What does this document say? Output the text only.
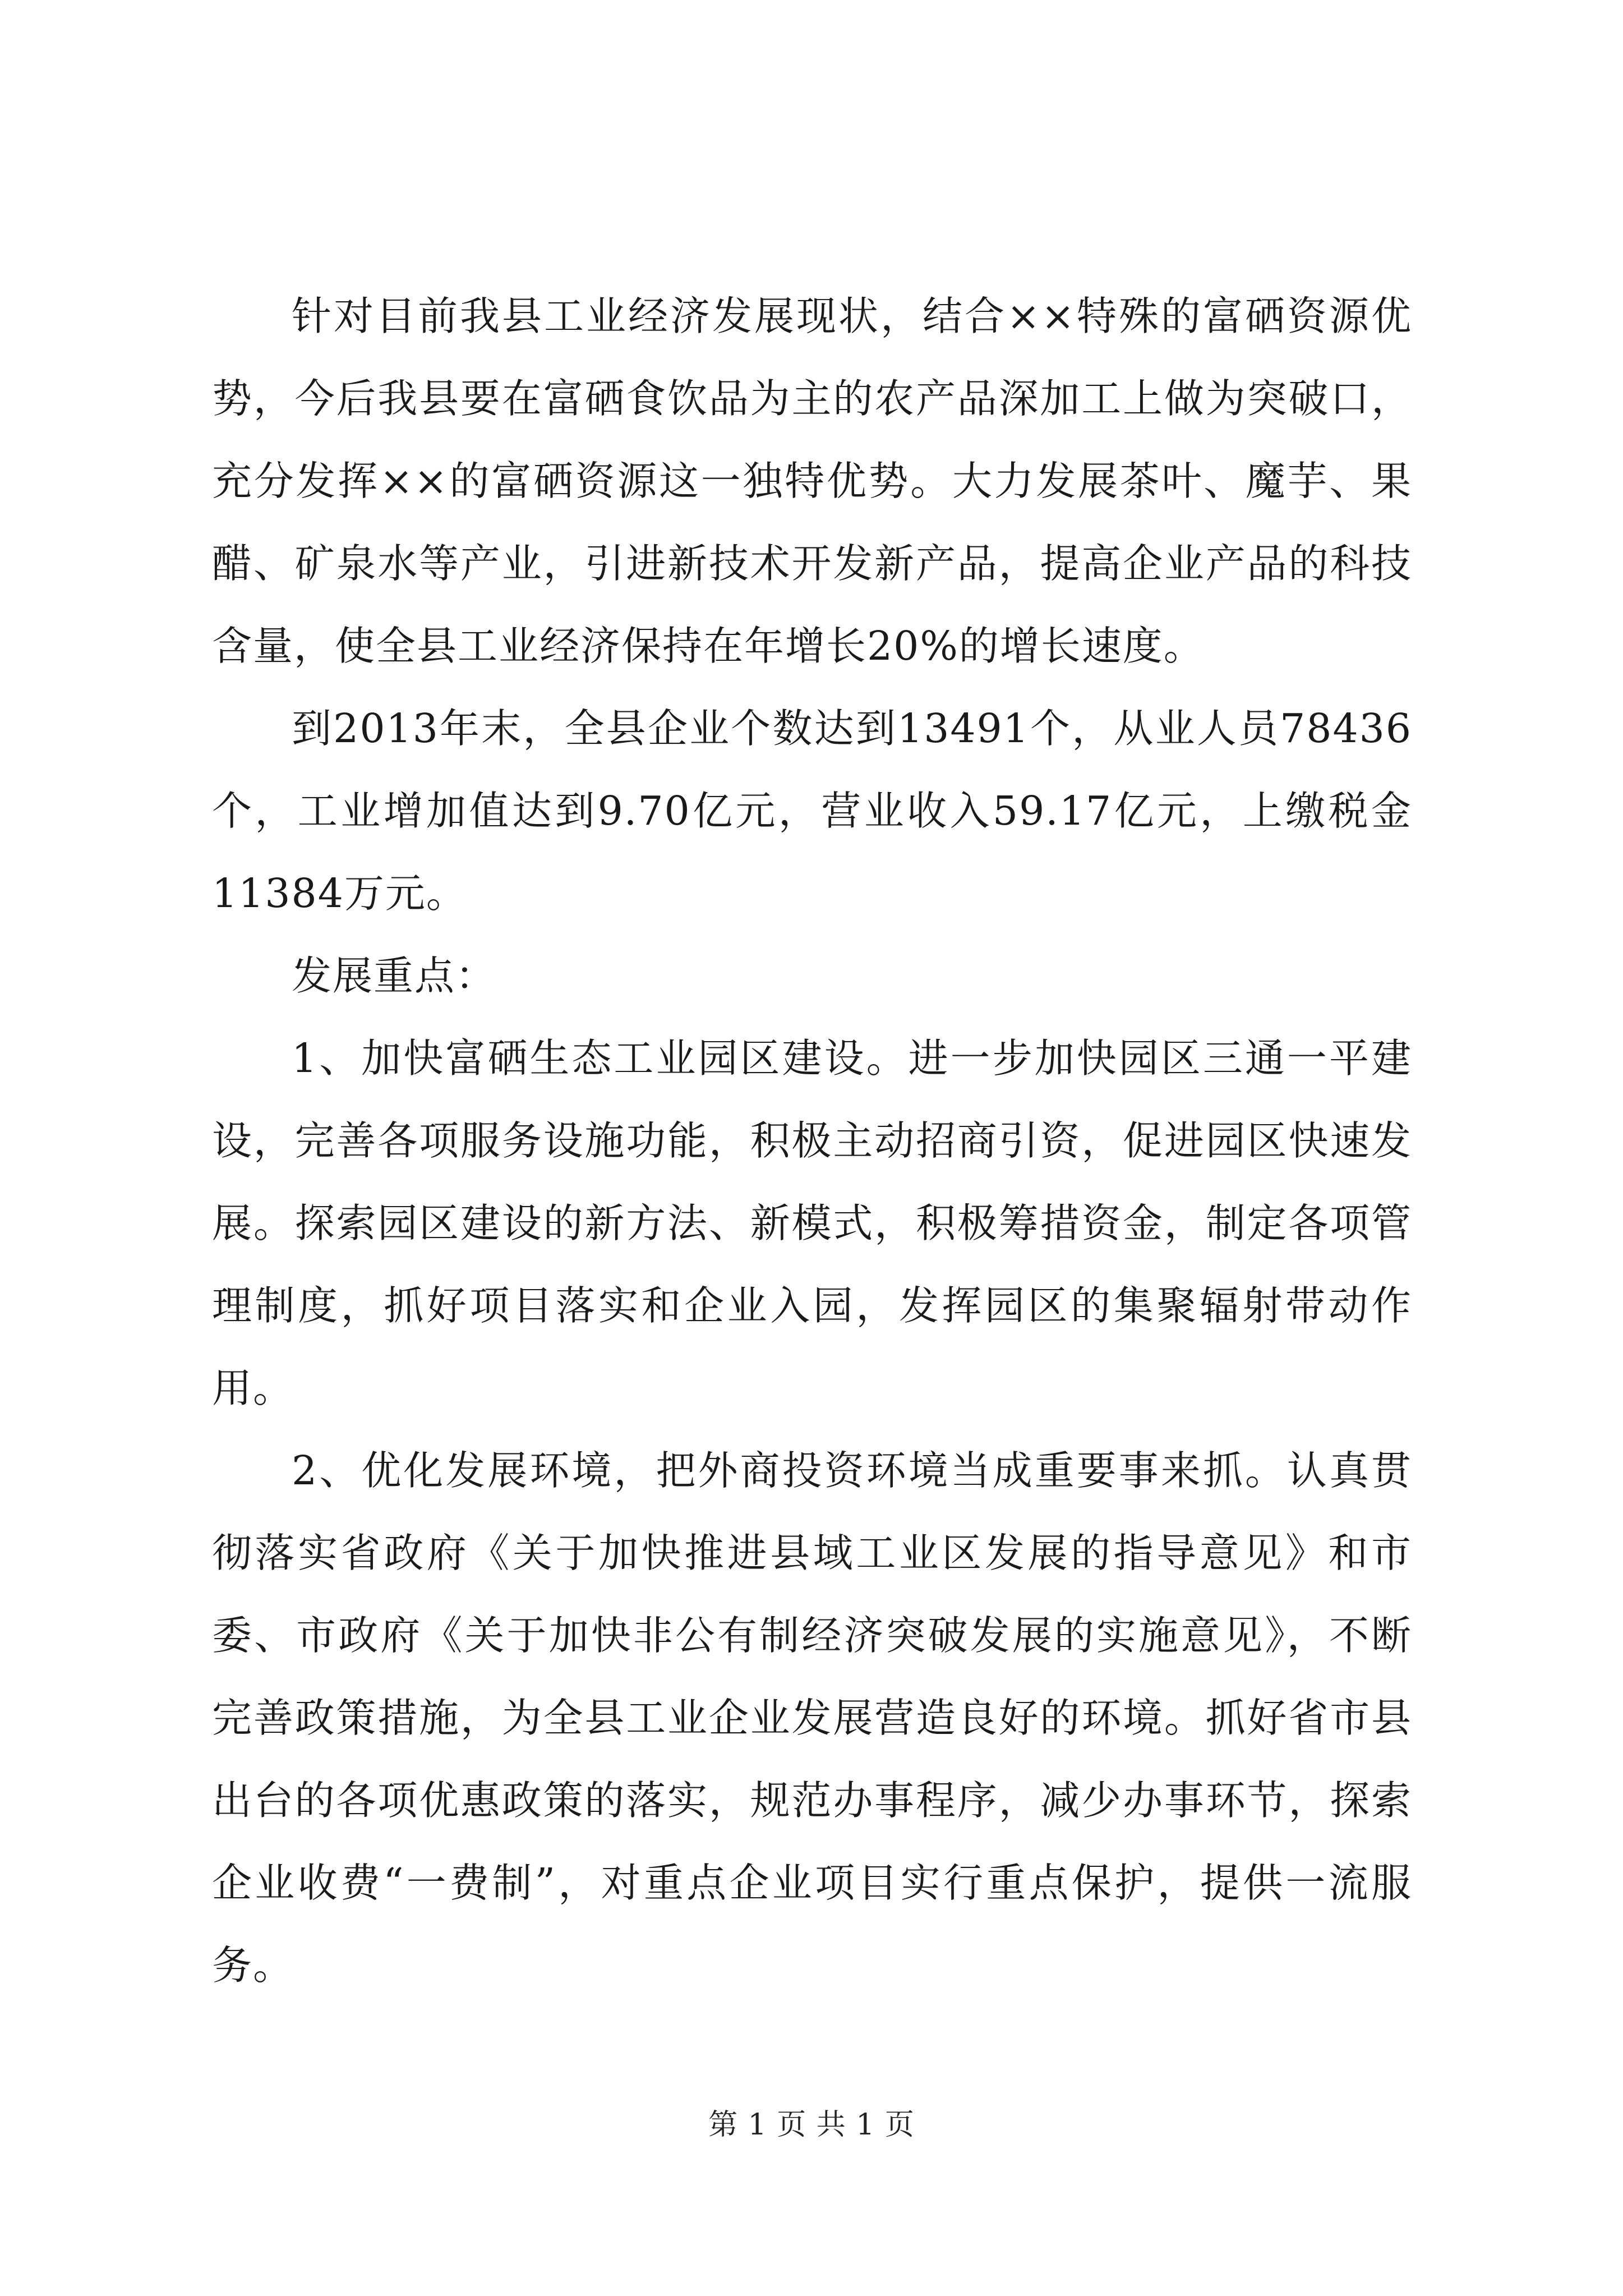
针对目前我县工业经济发展现状，结合××特殊的富硒资源优势，今后我县要在富硒食饮品为主的农产品深加工上做为突破口，充分发挥××的富硒资源这一独特优势。大力发展茶叶、魔芋、果醋、矿泉水等产业，引进新技术开发新产品，提高企业产品的科技含量，使全县工业经济保持在年增长20%的增长速度。

到2013年末，全县企业个数达到13491个，从业人员78436个，工业增加值达到9.70亿元，营业收入59.17亿元，上缴税金11384万元。

发展重点：

1、加快富硒生态工业园区建设。进一步加快园区三通一平建设，完善各项服务设施功能，积极主动招商引资，促进园区快速发展。探索园区建设的新方法、新模式，积极筹措资金，制定各项管理制度，抓好项目落实和企业入园，发挥园区的集聚辐射带动作用。

2、优化发展环境，把外商投资环境当成重要事来抓。认真贯彻落实省政府《关于加快推进县域工业区发展的指导意见》和市委、市政府《关于加快非公有制经济突破发展的实施意见》，不断完善政策措施，为全县工业企业发展营造良好的环境。抓好省市县出台的各项优惠政策的落实，规范办事程序，减少办事环节，探索企业收费“一费制”，对重点企业项目实行重点保护，提供一流服务。

第 1 页 共 1 页
